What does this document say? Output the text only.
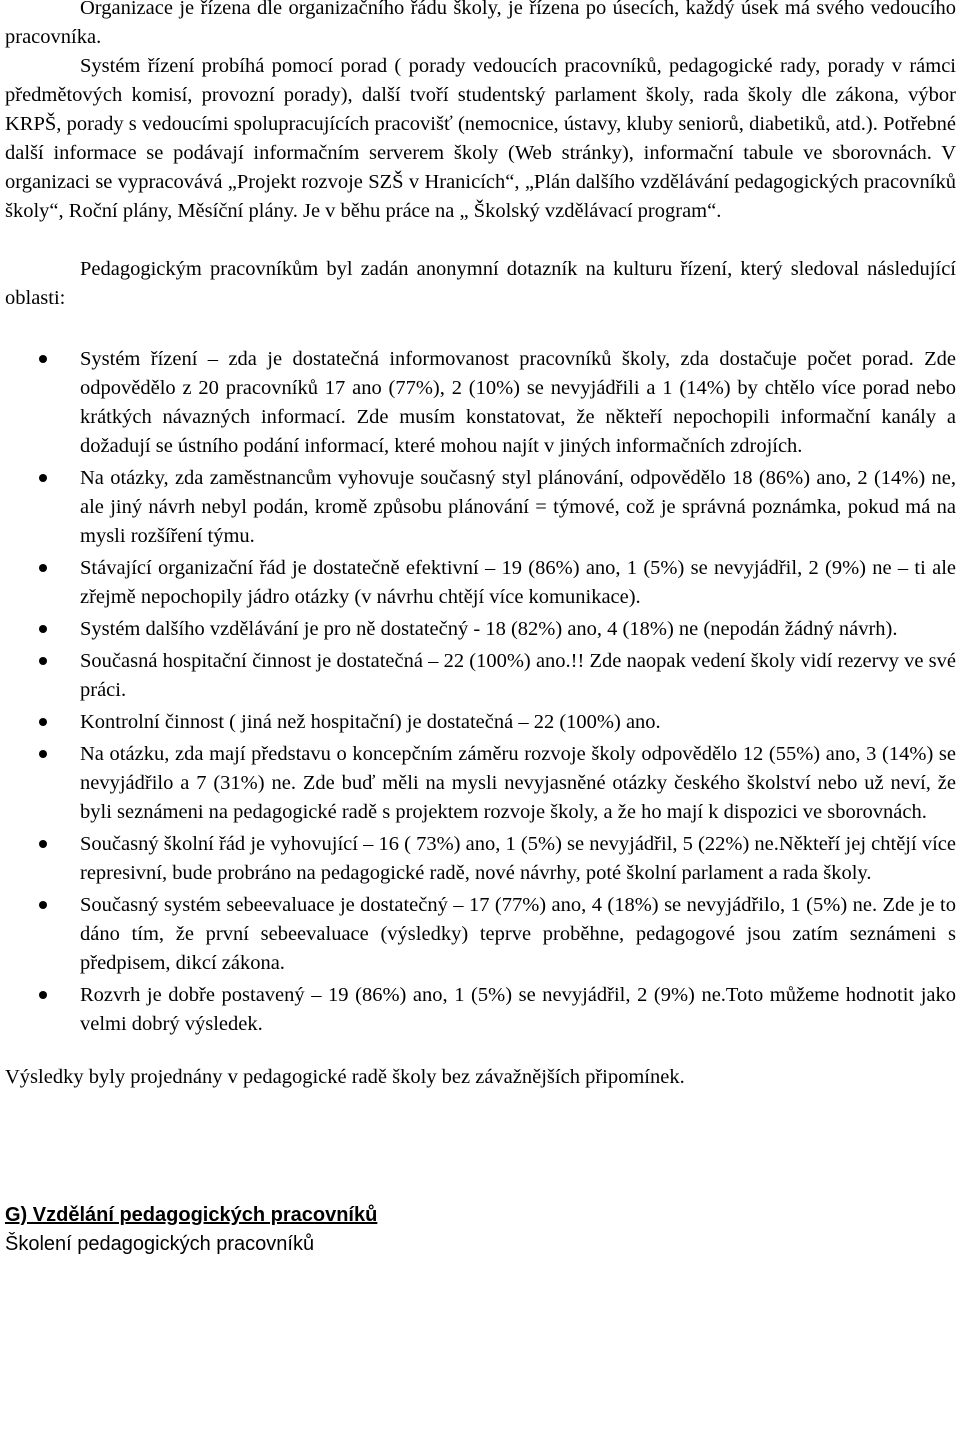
Organizace je řízena dle organizačního řádu školy, je řízena po úsecích, každý úsek má svého vedoucího pracovníka.

Systém řízení probíhá pomocí porad ( porady vedoucích pracovníků, pedagogické rady, porady v rámci předmětových komisí, provozní porady), další tvoří studentský parlament školy, rada školy dle zákona, výbor KRPŠ, porady s vedoucími spolupracujících pracovišť (nemocnice, ústavy, kluby seniorů, diabetiků, atd.). Potřebné další informace se podávají informačním serverem školy (Web stránky), informační tabule ve sborovnách. V organizaci se vypracovává „Projekt rozvoje SZŠ v Hranicích“, „Plán dalšího vzdělávání pedagogických pracovníků školy“, Roční plány, Měsíční plány. Je v běhu práce na „ Školský vzdělávací program“.

Pedagogickým pracovníkům byl zadán anonymní dotazník na kulturu řízení, který sledoval následující oblasti:

Systém řízení – zda je dostatečná informovanost pracovníků školy, zda dostačuje počet porad. Zde odpovědělo z 20 pracovníků 17 ano (77%), 2 (10%) se nevyjádřili a 1 (14%) by chtělo více porad nebo krátkých návazných informací. Zde musím konstatovat, že někteří nepochopili informační kanály a dožadují se ústního podání informací, které mohou najít v jiných informačních zdrojích.
Na otázky, zda zaměstnancům vyhovuje současný styl plánování, odpovědělo 18 (86%) ano, 2 (14%) ne, ale jiný návrh nebyl podán, kromě způsobu plánování = týmové, což je správná poznámka, pokud má na mysli rozšíření týmu.
Stávající organizační řád je dostatečně efektivní – 19 (86%) ano, 1 (5%) se nevyjádřil, 2 (9%) ne – ti ale zřejmě nepochopily jádro otázky (v návrhu chtějí více komunikace).
Systém dalšího vzdělávání je pro ně dostatečný - 18 (82%) ano, 4 (18%) ne (nepodán žádný návrh).
Současná hospitační činnost je dostatečná – 22 (100%) ano.!! Zde naopak vedení školy vidí rezervy ve své práci.
Kontrolní činnost ( jiná než hospitační) je dostatečná – 22 (100%) ano.
Na otázku, zda mají představu o koncepčním záměru rozvoje školy odpovědělo 12 (55%) ano, 3 (14%) se nevyjádřilo a 7 (31%) ne. Zde buď měli na mysli nevyjasněné otázky českého školství nebo už neví, že byli seznámeni na pedagogické radě s projektem rozvoje školy, a že ho mají k dispozici ve sborovnách.
Současný školní řád je vyhovující – 16 ( 73%) ano, 1 (5%) se nevyjádřil, 5 (22%) ne.Někteří jej chtějí více represivní, bude probráno na pedagogické radě, nové návrhy, poté školní parlament a rada školy.
Současný systém sebeevaluace je dostatečný – 17 (77%) ano, 4 (18%) se nevyjádřilo, 1 (5%) ne. Zde je to dáno tím, že první sebeevaluace (výsledky) teprve proběhne, pedagogové jsou zatím seznámeni s předpisem, dikcí zákona.
Rozvrh je dobře postavený – 19 (86%) ano, 1 (5%) se nevyjádřil, 2 (9%) ne.Toto můžeme hodnotit jako velmi dobrý výsledek.

Výsledky byly projednány v pedagogické radě školy bez závažnějších připomínek.

G) Vzdělání pedagogických pracovníků
Školení pedagogických pracovníků
